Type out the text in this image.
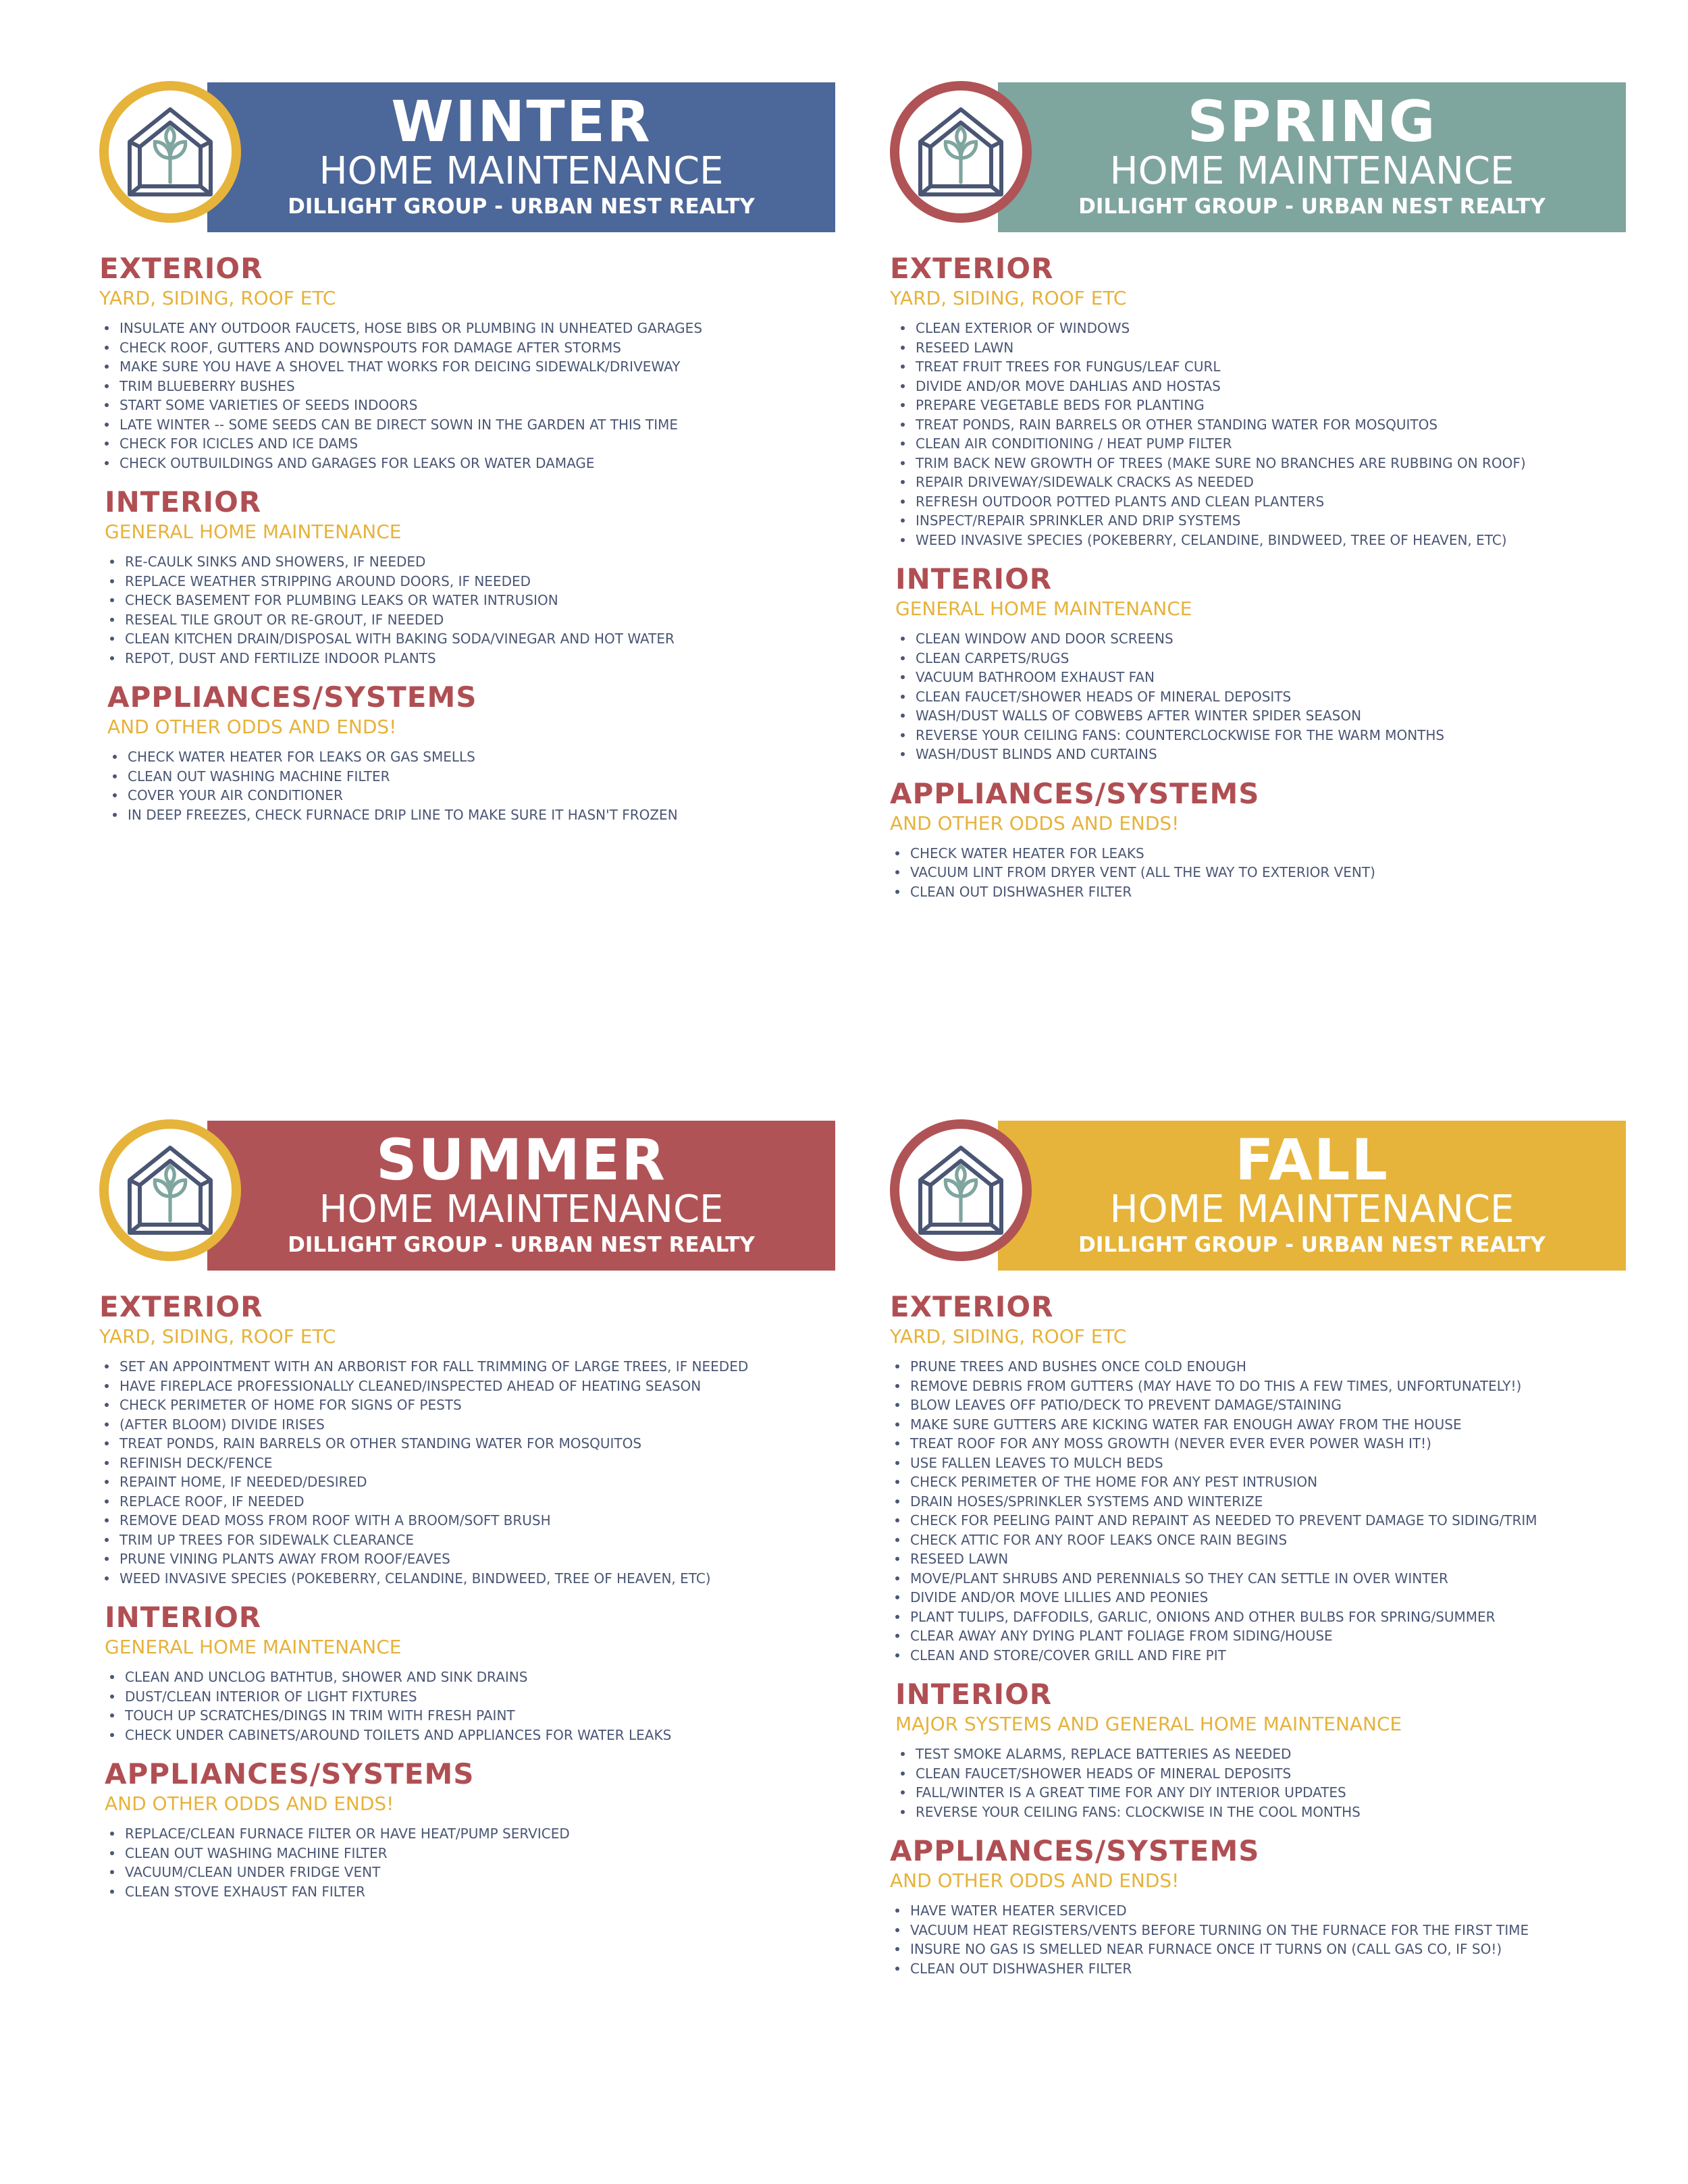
WINTER
HOME MAINTENANCE
DILLIGHT GROUP - URBAN NEST REALTY
EXTERIOR

YARD, SIDING, ROOF ETC

INSULATE ANY OUTDOOR FAUCETS, HOSE BIBS OR PLUMBING IN UNHEATED GARAGES
CHECK ROOF, GUTTERS AND DOWNSPOUTS FOR DAMAGE AFTER STORMS
MAKE SURE YOU HAVE A SHOVEL THAT WORKS FOR DEICING SIDEWALK/DRIVEWAY
TRIM BLUEBERRY BUSHES
START SOME VARIETIES OF SEEDS INDOORS
LATE WINTER -- SOME SEEDS CAN BE DIRECT SOWN IN THE GARDEN AT THIS TIME
CHECK FOR ICICLES AND ICE DAMS
CHECK OUTBUILDINGS AND GARAGES FOR LEAKS OR WATER DAMAGE
INTERIOR

GENERAL HOME MAINTENANCE

RE-CAULK SINKS AND SHOWERS, IF NEEDED
REPLACE WEATHER STRIPPING AROUND DOORS, IF NEEDED
CHECK BASEMENT FOR PLUMBING LEAKS OR WATER INTRUSION
RESEAL TILE GROUT OR RE-GROUT, IF NEEDED
CLEAN KITCHEN DRAIN/DISPOSAL WITH BAKING SODA/VINEGAR AND HOT WATER
REPOT, DUST AND FERTILIZE INDOOR PLANTS
APPLIANCES/SYSTEMS

AND OTHER ODDS AND ENDS!

CHECK WATER HEATER FOR LEAKS OR GAS SMELLS
CLEAN OUT WASHING MACHINE FILTER
COVER YOUR AIR CONDITIONER
IN DEEP FREEZES, CHECK FURNACE DRIP LINE TO MAKE SURE IT HASN'T FROZEN
SPRING
HOME MAINTENANCE
DILLIGHT GROUP - URBAN NEST REALTY
EXTERIOR

YARD, SIDING, ROOF ETC

CLEAN EXTERIOR OF WINDOWS
RESEED LAWN
TREAT FRUIT TREES FOR FUNGUS/LEAF CURL
DIVIDE AND/OR MOVE DAHLIAS AND HOSTAS
PREPARE VEGETABLE BEDS FOR PLANTING
TREAT PONDS, RAIN BARRELS OR OTHER STANDING WATER FOR MOSQUITOS
CLEAN AIR CONDITIONING / HEAT PUMP FILTER
TRIM BACK NEW GROWTH OF TREES (MAKE SURE NO BRANCHES ARE RUBBING ON ROOF)
REPAIR DRIVEWAY/SIDEWALK CRACKS AS NEEDED
REFRESH OUTDOOR POTTED PLANTS AND CLEAN PLANTERS
INSPECT/REPAIR SPRINKLER AND DRIP SYSTEMS
WEED INVASIVE SPECIES (POKEBERRY, CELANDINE, BINDWEED, TREE OF HEAVEN, ETC)
INTERIOR

GENERAL HOME MAINTENANCE

CLEAN WINDOW AND DOOR SCREENS
CLEAN CARPETS/RUGS
VACUUM BATHROOM EXHAUST FAN
CLEAN FAUCET/SHOWER HEADS OF MINERAL DEPOSITS
WASH/DUST WALLS OF COBWEBS AFTER WINTER SPIDER SEASON
REVERSE YOUR CEILING FANS: COUNTERCLOCKWISE FOR THE WARM MONTHS
WASH/DUST BLINDS AND CURTAINS
APPLIANCES/SYSTEMS

AND OTHER ODDS AND ENDS!

CHECK WATER HEATER FOR LEAKS
VACUUM LINT FROM DRYER VENT (ALL THE WAY TO EXTERIOR VENT)
CLEAN OUT DISHWASHER FILTER
SUMMER
HOME MAINTENANCE
DILLIGHT GROUP - URBAN NEST REALTY
EXTERIOR

YARD, SIDING, ROOF ETC

SET AN APPOINTMENT WITH AN ARBORIST FOR FALL TRIMMING OF LARGE TREES, IF NEEDED
HAVE FIREPLACE PROFESSIONALLY CLEANED/INSPECTED AHEAD OF HEATING SEASON
CHECK PERIMETER OF HOME FOR SIGNS OF PESTS
(AFTER BLOOM) DIVIDE IRISES
TREAT PONDS, RAIN BARRELS OR OTHER STANDING WATER FOR MOSQUITOS
REFINISH DECK/FENCE
REPAINT HOME, IF NEEDED/DESIRED
REPLACE ROOF, IF NEEDED
REMOVE DEAD MOSS FROM ROOF WITH A BROOM/SOFT BRUSH
TRIM UP TREES FOR SIDEWALK CLEARANCE
PRUNE VINING PLANTS AWAY FROM ROOF/EAVES
WEED INVASIVE SPECIES (POKEBERRY, CELANDINE, BINDWEED, TREE OF HEAVEN, ETC)
INTERIOR

GENERAL HOME MAINTENANCE

CLEAN AND UNCLOG BATHTUB, SHOWER AND SINK DRAINS
DUST/CLEAN INTERIOR OF LIGHT FIXTURES
TOUCH UP SCRATCHES/DINGS IN TRIM WITH FRESH PAINT
CHECK UNDER CABINETS/AROUND TOILETS AND APPLIANCES FOR WATER LEAKS
APPLIANCES/SYSTEMS

AND OTHER ODDS AND ENDS!

REPLACE/CLEAN FURNACE FILTER OR HAVE HEAT/PUMP SERVICED
CLEAN OUT WASHING MACHINE FILTER
VACUUM/CLEAN UNDER FRIDGE VENT
CLEAN STOVE EXHAUST FAN FILTER
FALL
HOME MAINTENANCE
DILLIGHT GROUP - URBAN NEST REALTY
EXTERIOR

YARD, SIDING, ROOF ETC

PRUNE TREES AND BUSHES ONCE COLD ENOUGH
REMOVE DEBRIS FROM GUTTERS (MAY HAVE TO DO THIS A FEW TIMES, UNFORTUNATELY!)
BLOW LEAVES OFF PATIO/DECK TO PREVENT DAMAGE/STAINING
MAKE SURE GUTTERS ARE KICKING WATER FAR ENOUGH AWAY FROM THE HOUSE
TREAT ROOF FOR ANY MOSS GROWTH (NEVER EVER EVER POWER WASH IT!)
USE FALLEN LEAVES TO MULCH BEDS
CHECK PERIMETER OF THE HOME FOR ANY PEST INTRUSION
DRAIN HOSES/SPRINKLER SYSTEMS AND WINTERIZE
CHECK FOR PEELING PAINT AND REPAINT AS NEEDED TO PREVENT DAMAGE TO SIDING/TRIM
CHECK ATTIC FOR ANY ROOF LEAKS ONCE RAIN BEGINS
RESEED LAWN
MOVE/PLANT SHRUBS AND PERENNIALS SO THEY CAN SETTLE IN OVER WINTER
DIVIDE AND/OR MOVE LILLIES AND PEONIES
PLANT TULIPS, DAFFODILS, GARLIC, ONIONS AND OTHER BULBS FOR SPRING/SUMMER
CLEAR AWAY ANY DYING PLANT FOLIAGE FROM SIDING/HOUSE
CLEAN AND STORE/COVER GRILL AND FIRE PIT
INTERIOR

MAJOR SYSTEMS AND GENERAL HOME MAINTENANCE

TEST SMOKE ALARMS, REPLACE BATTERIES AS NEEDED
CLEAN FAUCET/SHOWER HEADS OF MINERAL DEPOSITS
FALL/WINTER IS A GREAT TIME FOR ANY DIY INTERIOR UPDATES
REVERSE YOUR CEILING FANS: CLOCKWISE IN THE COOL MONTHS
APPLIANCES/SYSTEMS

AND OTHER ODDS AND ENDS!

HAVE WATER HEATER SERVICED
VACUUM HEAT REGISTERS/VENTS BEFORE TURNING ON THE FURNACE FOR THE FIRST TIME
INSURE NO GAS IS SMELLED NEAR FURNACE ONCE IT TURNS ON (CALL GAS CO, IF SO!)
CLEAN OUT DISHWASHER FILTER
